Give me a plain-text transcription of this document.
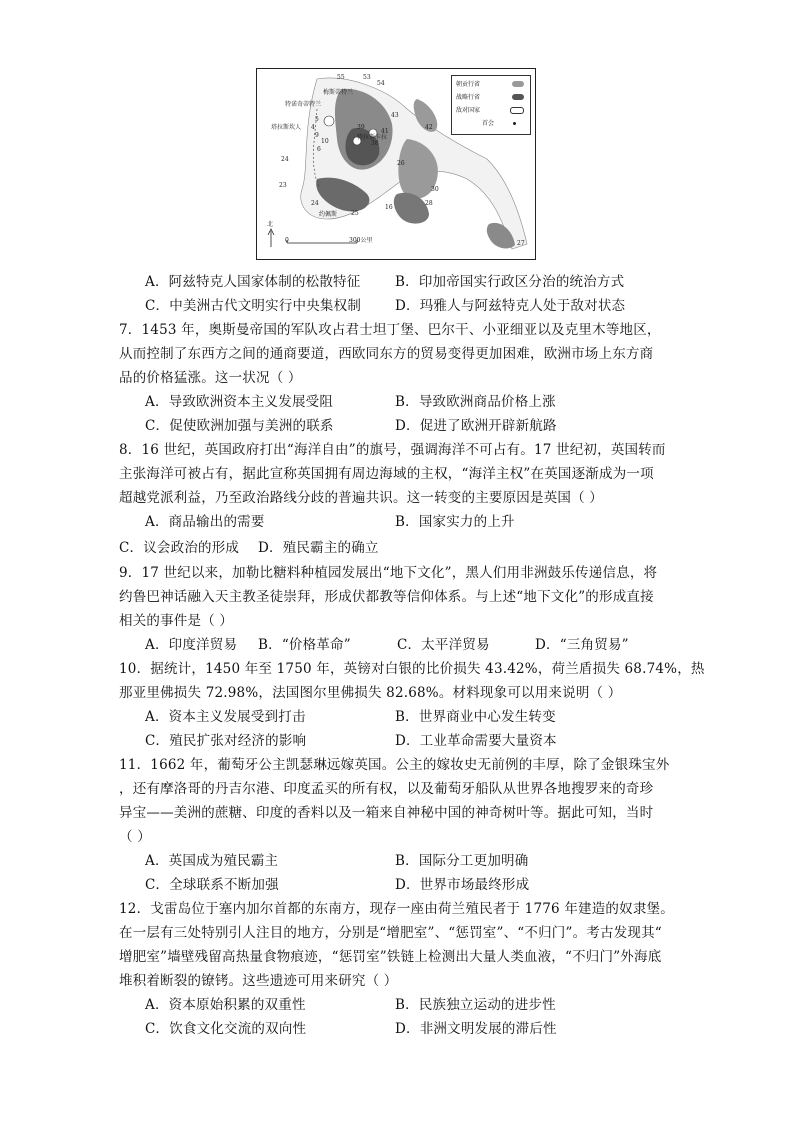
朝贡行省
战略行省
敌对国家
首会
梅斯蒂特兰
特诺奇蒂特兰
塔拉斯坎人
特拉斯卡拉
约佩斯
北
0	300公里
55	53
54
5
4
9
10
6
24
23
24
25
42
43
39
41
38
26
30
28
27
16
A．阿兹特克人国家体制的松散特征	B．印加帝国实行政区分治的统治方式
C．中美洲古代文明实行中央集权制	D．玛雅人与阿兹特克人处于敌对状态
7．1453 年，奥斯曼帝国的军队攻占君士坦丁堡、巴尔干、小亚细亚以及克里木等地区，
从而控制了东西方之间的通商要道，西欧同东方的贸易变得更加困难，欧洲市场上东方商
品的价格猛涨。这一状况（ ）
A．导致欧洲资本主义发展受阻	B．导致欧洲商品价格上涨
C．促使欧洲加强与美洲的联系	D．促进了欧洲开辟新航路
8．16 世纪，英国政府打出“海洋自由”的旗号，强调海洋不可占有。17 世纪初，英国转而
主张海洋可被占有，据此宣称英国拥有周边海域的主权，“海洋主权”在英国逐渐成为一项
超越党派利益，乃至政治路线分歧的普遍共识。这一转变的主要原因是英国（ ）
A．商品输出的需要	B．国家实力的上升
C．议会政治的形成 D．殖民霸主的确立
9．17 世纪以来，加勒比糖料种植园发展出“地下文化”，黑人们用非洲鼓乐传递信息，将
约鲁巴神话融入天主教圣徒崇拜，形成伏都教等信仰体系。与上述“地下文化”的形成直接
相关的事件是（ ）
A．印度洋贸易 B．“价格革命”	C．太平洋贸易	D．“三角贸易”
10．据统计，1450 年至 1750 年，英镑对白银的比价损失 43.42%，荷兰盾损失 68.74%，热
那亚里佛损失 72.98%，法国图尔里佛损失 82.68%。材料现象可以用来说明（ ）
A．资本主义发展受到打击	B．世界商业中心发生转变
C．殖民扩张对经济的影响	D．工业革命需要大量资本
11．1662 年，葡萄牙公主凯瑟琳远嫁英国。公主的嫁妆史无前例的丰厚，除了金银珠宝外
，还有摩洛哥的丹吉尔港、印度孟买的所有权，以及葡萄牙船队从世界各地搜罗来的奇珍
异宝——美洲的蔗糖、印度的香料以及一箱来自神秘中国的神奇树叶等。据此可知，当时
（ ）
A．英国成为殖民霸主	B．国际分工更加明确
C．全球联系不断加强	D．世界市场最终形成
12．戈雷岛位于塞内加尔首都的东南方，现存一座由荷兰殖民者于 1776 年建造的奴隶堡。
在一层有三处特别引人注目的地方，分别是“增肥室”、“惩罚室”、“不归门”。考古发现其“
增肥室”墙壁残留高热量食物痕迹，“惩罚室”铁链上检测出大量人类血液，“不归门”外海底
堆积着断裂的镣铐。这些遗迹可用来研究（ ）
A．资本原始积累的双重性	B．民族独立运动的进步性
C．饮食文化交流的双向性	D．非洲文明发展的滞后性
